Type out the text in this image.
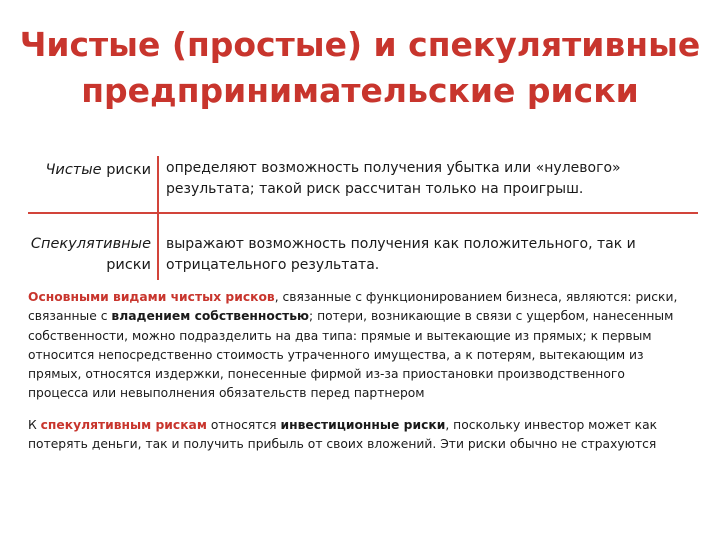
Чистые (простые) и спекулятивные
предпринимательские риски
Чистые риски определяют возможность получения убытка или «нулевого»
результата; такой риск рассчитан только на проигрыш.
Спекулятивные
риски
выражают возможность получения как положительного, так и
отрицательного результата.
Основными видами чистых рисков, связанные с функционированием бизнеса, являются: риски, связанные с владением собственностью; потери, возникающие в связи с ущербом, нанесенным собственности, можно подразделить на два типа: прямые и вытекающие из прямых; к первым относится непосредственно стоимость утраченного имущества, а к потерям, вытекающим из прямых, относятся издержки, понесенные фирмой из-за приостановки производственного процесса или невыполнения обязательств перед партнером
К спекулятивным рискам относятся инвестиционные риски, поскольку инвестор может как потерять деньги, так и получить прибыль от своих вложений. Эти риски обычно не страхуются
